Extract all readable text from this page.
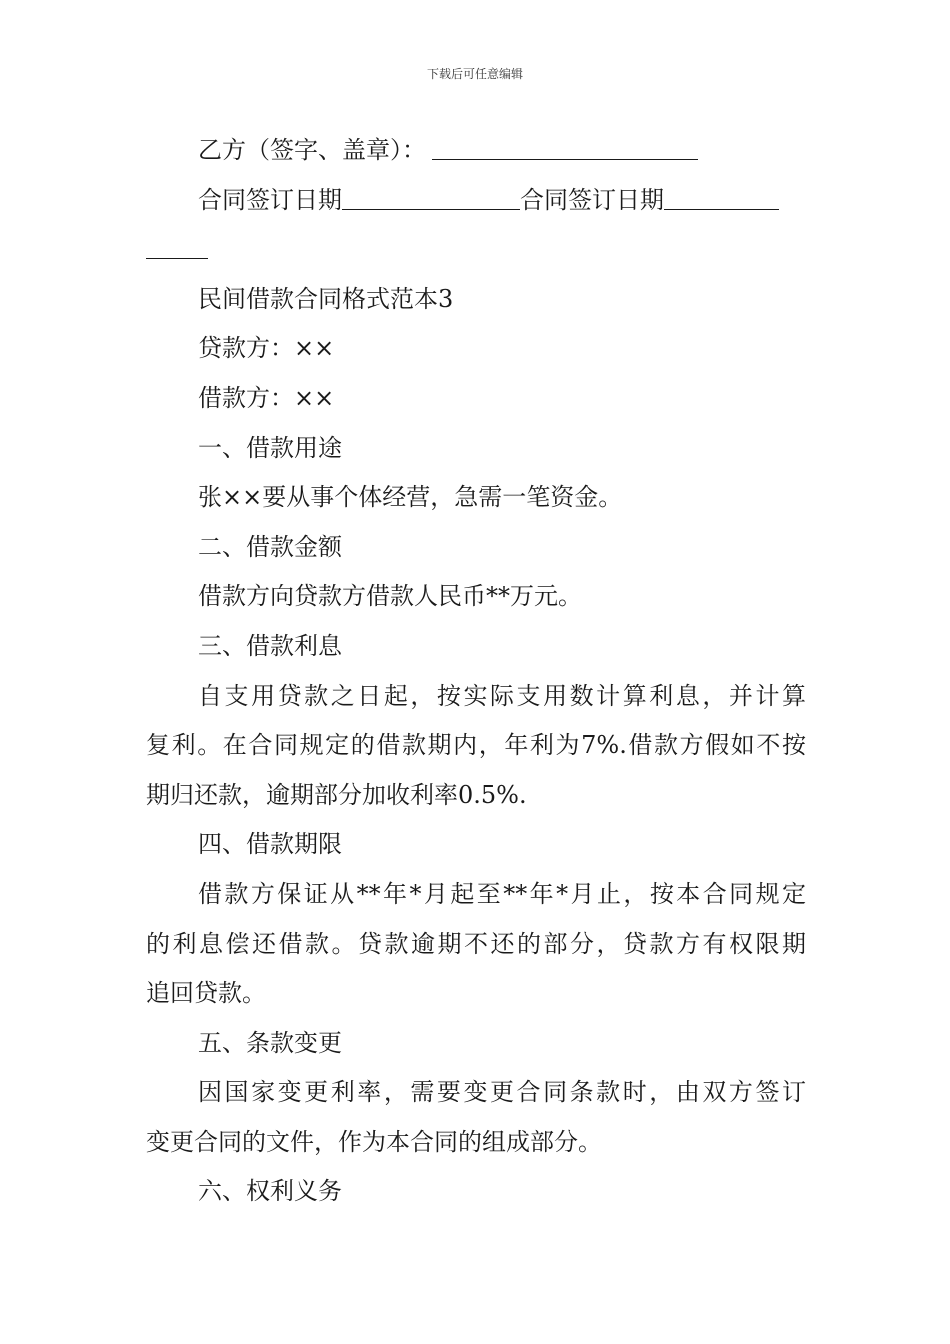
下载后可任意编辑
乙方（签字、盖章）：
合同签订日期	合同签订日期
民间借款合同格式范本3
贷款方：××
借款方：××
一、借款用途
张××要从事个体经营，急需一笔资金。
二、借款金额
借款方向贷款方借款人民币**万元。
三、借款利息
自支用贷款之日起，按实际支用数计算利息，并计算
复利。在合同规定的借款期内，年利为7%.借款方假如不按
期归还款，逾期部分加收利率0.5%.
四、借款期限
借款方保证从**年*月起至**年*月止，按本合同规定
的利息偿还借款。贷款逾期不还的部分，贷款方有权限期
追回贷款。
五、条款变更
因国家变更利率，需要变更合同条款时，由双方签订
变更合同的文件，作为本合同的组成部分。
六、权利义务
